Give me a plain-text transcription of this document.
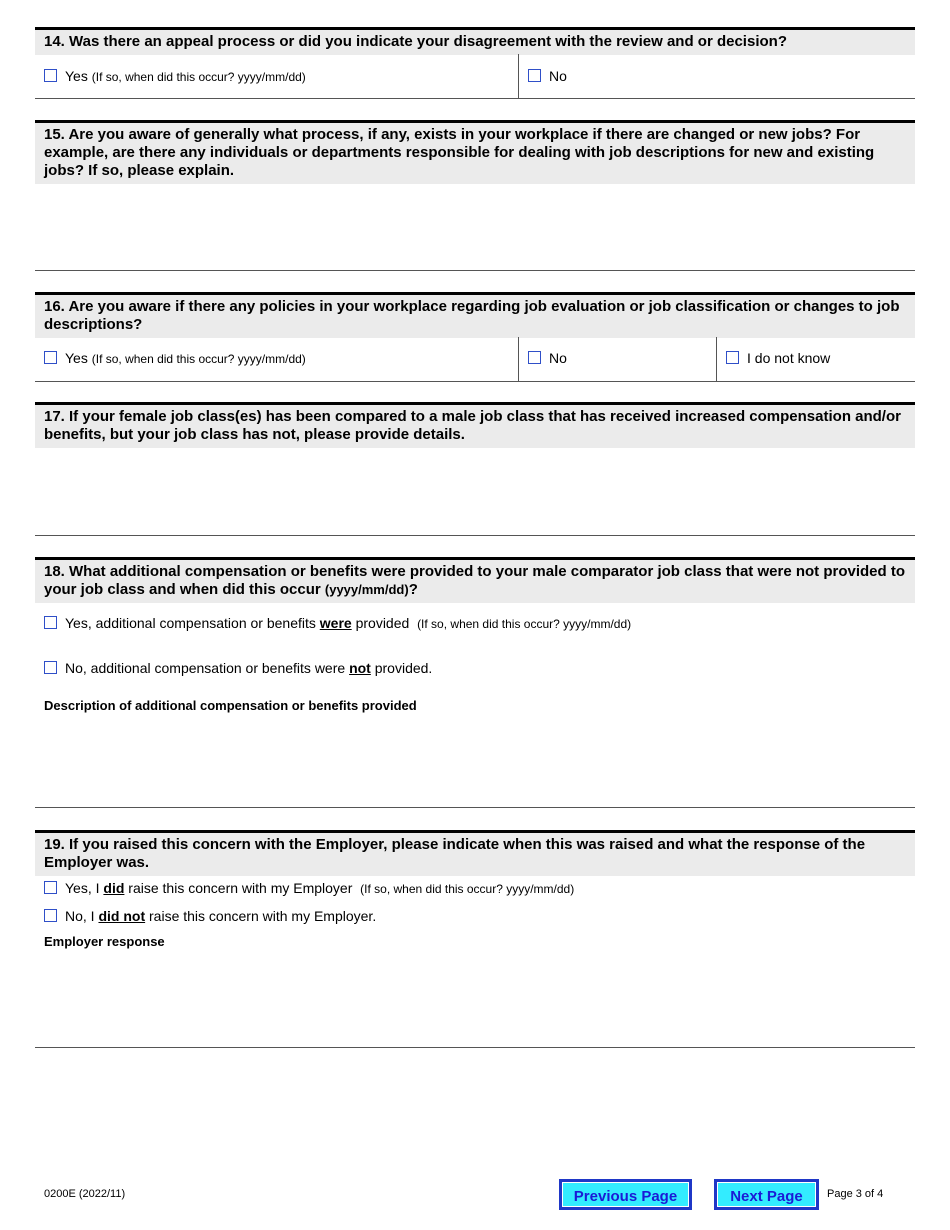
14. Was there an appeal process or did you indicate your disagreement with the review and or decision?
Yes (If so, when did this occur? yyyy/mm/dd)	No
15. Are you aware of generally what process, if any, exists in your workplace if there are changed or new jobs? For example, are there any individuals or departments responsible for dealing with job descriptions for new and existing jobs? If so, please explain.
16. Are you aware if there any policies in your workplace regarding job evaluation or job classification or changes to job descriptions?
Yes (If so, when did this occur? yyyy/mm/dd)	No	I do not know
17. If your female job class(es) has been compared to a male job class that has received increased compensation and/or benefits, but your job class has not, please provide details.
18. What additional compensation or benefits were provided to your male comparator job class that were not provided to your job class and when did this occur (yyyy/mm/dd)?
Yes, additional compensation or benefits were provided (If so, when did this occur? yyyy/mm/dd)
No, additional compensation or benefits were not provided.
Description of additional compensation or benefits provided
19. If you raised this concern with the Employer, please indicate when this was raised and what the response of the Employer was.
Yes, I did raise this concern with my Employer (If so, when did this occur? yyyy/mm/dd)
No, I did not raise this concern with my Employer.
Employer response
0200E (2022/11)	Previous Page	Next Page	Page 3 of 4
